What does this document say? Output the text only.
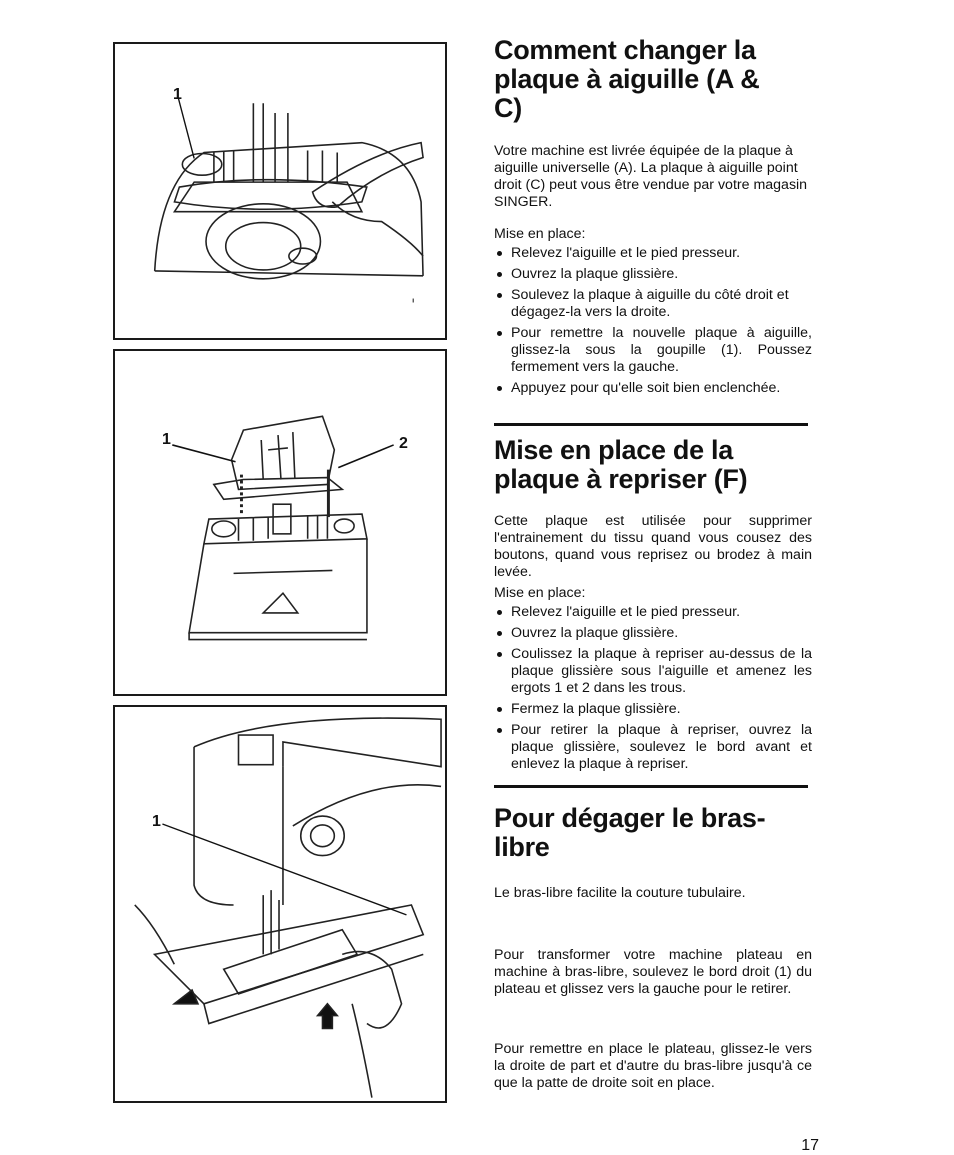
1
1	2
1
Comment changer la plaque à aiguille (A & C)

Votre machine est livrée équipée de la plaque à aiguille universelle (A). La plaque à aiguille point droit (C) peut vous être vendue par votre magasin SINGER.

Mise en place:

Relevez l'aiguille et le pied presseur.
Ouvrez la plaque glissière.
Soulevez la plaque à aiguille du côté droit et dégagez-la vers la droite.
Pour remettre la nouvelle plaque à aiguille, glissez-la sous la goupille (1). Poussez fermement vers la gauche.
Appuyez pour qu'elle soit bien enclenchée.
Mise en place de la plaque à repriser (F)

Cette plaque est utilisée pour supprimer l'entrainement du tissu quand vous cousez des boutons, quand vous reprisez ou brodez à main levée.

Mise en place:

Relevez l'aiguille et le pied presseur.
Ouvrez la plaque glissière.
Coulissez la plaque à repriser au-dessus de la plaque glissière sous l'aiguille et amenez les ergots 1 et 2 dans les trous.
Fermez la plaque glissière.
Pour retirer la plaque à repriser, ouvrez la plaque glissière, soulevez le bord avant et enlevez la plaque à repriser.
Pour dégager le bras-libre

Le bras-libre facilite la couture tubulaire.

Pour transformer votre machine plateau en machine à bras-libre, soulevez le bord droit (1) du plateau et glissez vers la gauche pour le retirer.

Pour remettre en place le plateau, glissez-le vers la droite de part et d'autre du bras-libre jusqu'à ce que la patte de droite soit en place.

17
